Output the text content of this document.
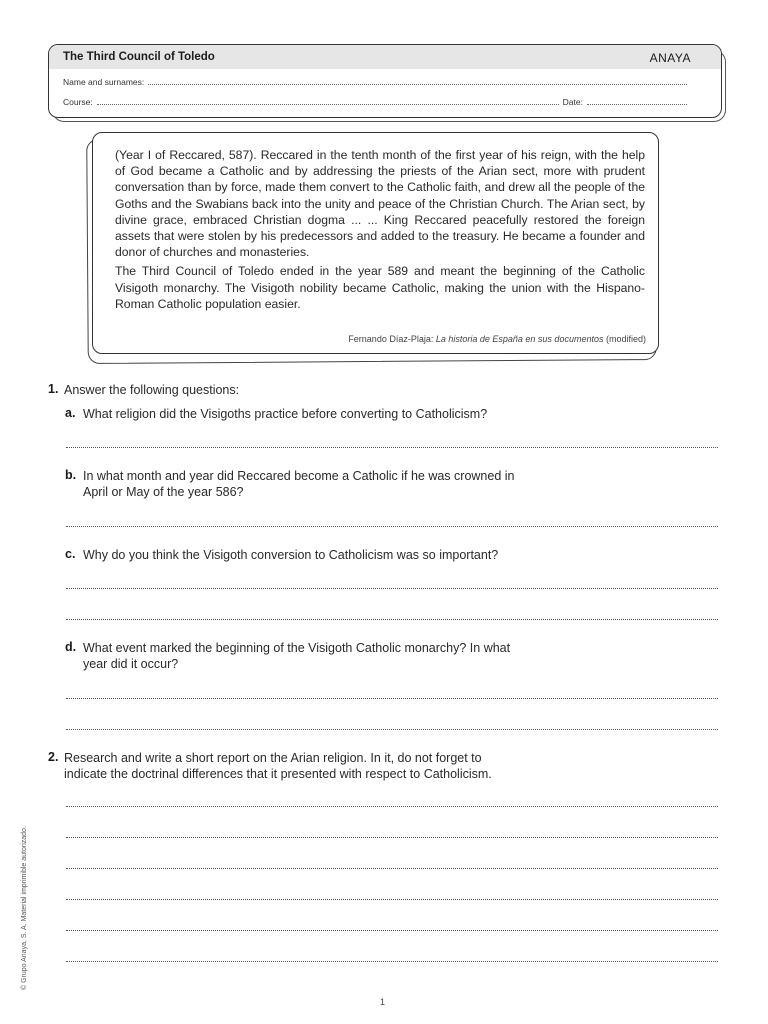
The Third Council of Toledo	ANAYA
Name and surnames:
Course:	Date:

(Year I of Reccared, 587). Reccared in the tenth month of the first year of his reign, with the help of God became a Catholic and by addressing the priests of the Arian sect, more with prudent conversation than by force, made them convert to the Catholic faith, and drew all the people of the Goths and the Swabians back into the unity and peace of the Christian Church. The Arian sect, by divine grace, embraced Christian dogma ... ... King Reccared peacefully restored the foreign assets that were stolen by his predecessors and added to the treasury. He became a founder and donor of churches and monasteries.

The Third Council of Toledo ended in the year 589 and meant the beginning of the Catholic Visigoth monarchy. The Visigoth nobility became Catholic, making the union with the Hispano-Roman Catholic population easier.

Fernando Díaz-Plaja: La historia de España en sus documentos (modified)
1. Answer the following questions:
a. What religion did the Visigoths practice before converting to Catholicism?
b. In what month and year did Reccared become a Catholic if he was crowned in
April or May of the year 586?
c. Why do you think the Visigoth conversion to Catholicism was so important?
d. What event marked the beginning of the Visigoth Catholic monarchy? In what
year did it occur?
2. Research and write a short report on the Arian religion. In it, do not forget to
indicate the doctrinal differences that it presented with respect to Catholicism.
© Grupo Anaya, S. A. Material imprimible autorizado.
1
